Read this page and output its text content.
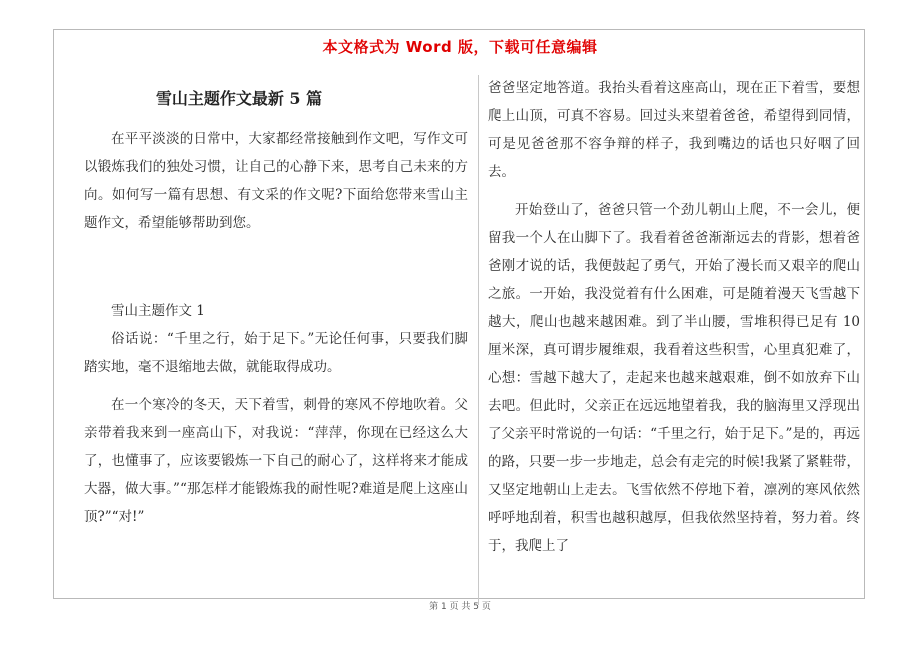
本文格式为 Word 版，下载可任意编辑
雪山主题作文最新 5 篇

在平平淡淡的日常中，大家都经常接触到作文吧，写作文可以锻炼我们的独处习惯，让自己的心静下来，思考自己未来的方向。如何写一篇有思想、有文采的作文呢?下面给您带来雪山主题作文，希望能够帮助到您。

雪山主题作文 1

俗话说：“千里之行，始于足下。”无论任何事，只要我们脚踏实地，毫不退缩地去做，就能取得成功。

在一个寒冷的冬天，天下着雪，刺骨的寒风不停地吹着。父亲带着我来到一座高山下，对我说：“萍萍，你现在已经这么大了，也懂事了，应该要锻炼一下自己的耐心了，这样将来才能成大器，做大事。”“那怎样才能锻炼我的耐性呢?难道是爬上这座山顶?”“对!”

爸爸坚定地答道。我抬头看着这座高山，现在正下着雪，要想爬上山顶，可真不容易。回过头来望着爸爸，希望得到同情，可是见爸爸那不容争辩的样子，我到嘴边的话也只好咽了回去。

开始登山了，爸爸只管一个劲儿朝山上爬，不一会儿，便留我一个人在山脚下了。我看着爸爸渐渐远去的背影，想着爸爸刚才说的话，我便鼓起了勇气，开始了漫长而又艰辛的爬山之旅。一开始，我没觉着有什么困难，可是随着漫天飞雪越下越大，爬山也越来越困难。到了半山腰，雪堆积得已足有 10 厘米深，真可谓步履维艰，我看着这些积雪，心里真犯难了，心想：雪越下越大了，走起来也越来越艰难，倒不如放弃下山去吧。但此时，父亲正在远远地望着我，我的脑海里又浮现出了父亲平时常说的一句话：“千里之行，始于足下。”是的，再远的路，只要一步一步地走，总会有走完的时候!我紧了紧鞋带，又坚定地朝山上走去。飞雪依然不停地下着，凛冽的寒风依然呼呼地刮着，积雪也越积越厚，但我依然坚持着，努力着。终于，我爬上了

第 1 页 共 5 页
